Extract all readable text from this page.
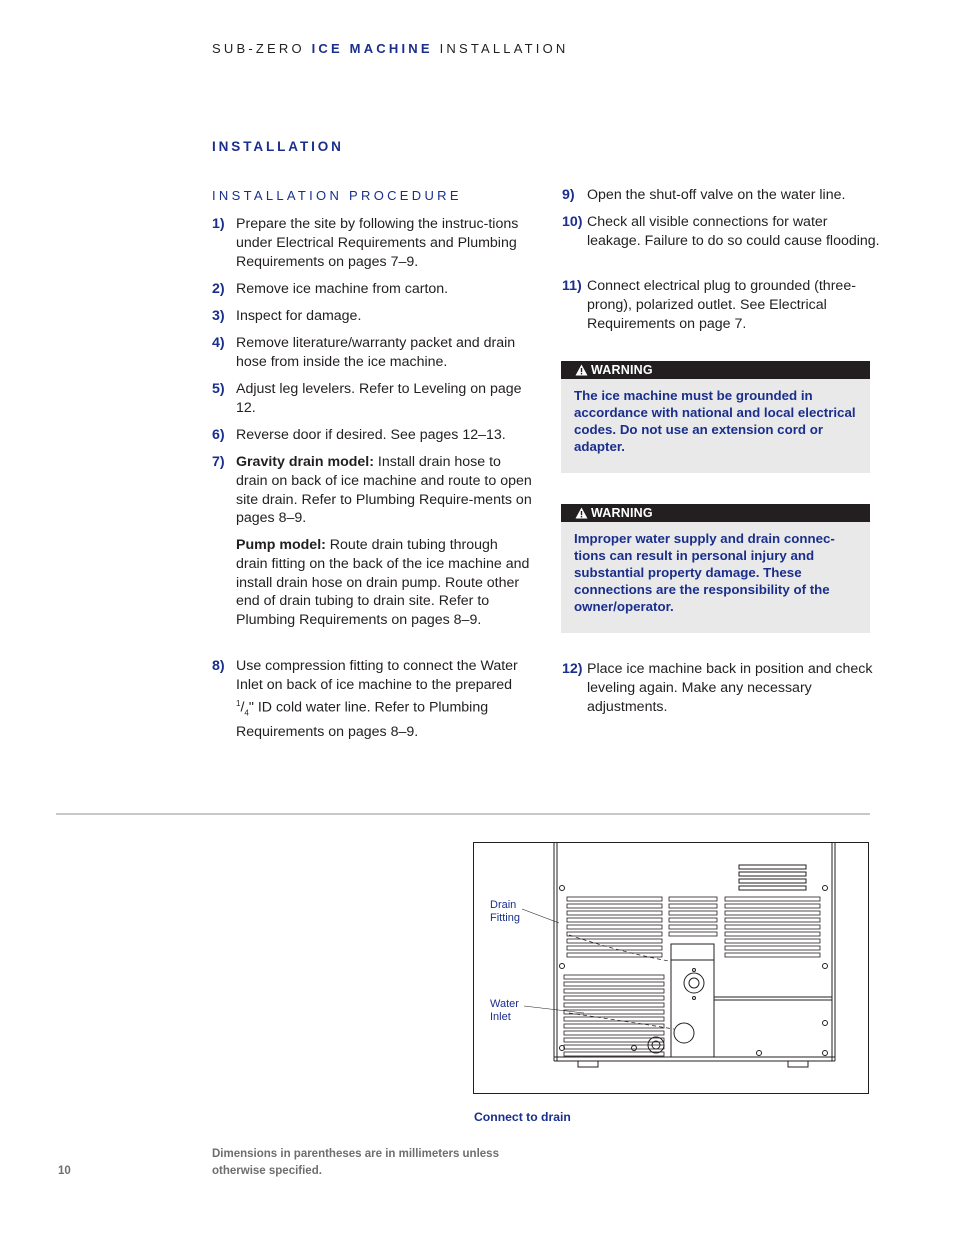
SUB-ZERO ICE MACHINE INSTALLATION
INSTALLATION
INSTALLATION PROCEDURE
1) Prepare the site by following the instruc-tions under Electrical Requirements and Plumbing Requirements on pages 7–9.
2) Remove ice machine from carton.
3) Inspect for damage.
4) Remove literature/warranty packet and drain hose from inside the ice machine.
5) Adjust leg levelers. Refer to Leveling on page 12.
6) Reverse door if desired. See pages 12–13.
7) Gravity drain model: Install drain hose to drain on back of ice machine and route to open site drain. Refer to Plumbing Require-ments on pages 8–9.
Pump model: Route drain tubing through drain fitting on the back of the ice machine and install drain hose on drain pump. Route other end of drain tubing to drain site. Refer to Plumbing Requirements on pages 8–9.
8) Use compression fitting to connect the Water Inlet on back of ice machine to the prepared $^1/_4$" ID cold water line. Refer to Plumbing Requirements on pages 8–9.
9) Open the shut-off valve on the water line.
10) Check all visible connections for water leakage. Failure to do so could cause flooding.
11) Connect electrical plug to grounded (three-prong), polarized outlet. See Electrical Requirements on page 7.
12) Place ice machine back in position and check leveling again. Make any necessary adjustments.
WARNING
The ice machine must be grounded in accordance with national and local electrical codes. Do not use an extension cord or adapter.
WARNING
Improper water supply and drain connec-tions can result in personal injury and substantial property damage. These connections are the responsibility of the owner/operator.
Drain
Fitting
Water
Inlet
Connect to drain
10
Dimensions in parentheses are in millimeters unless otherwise specified.
